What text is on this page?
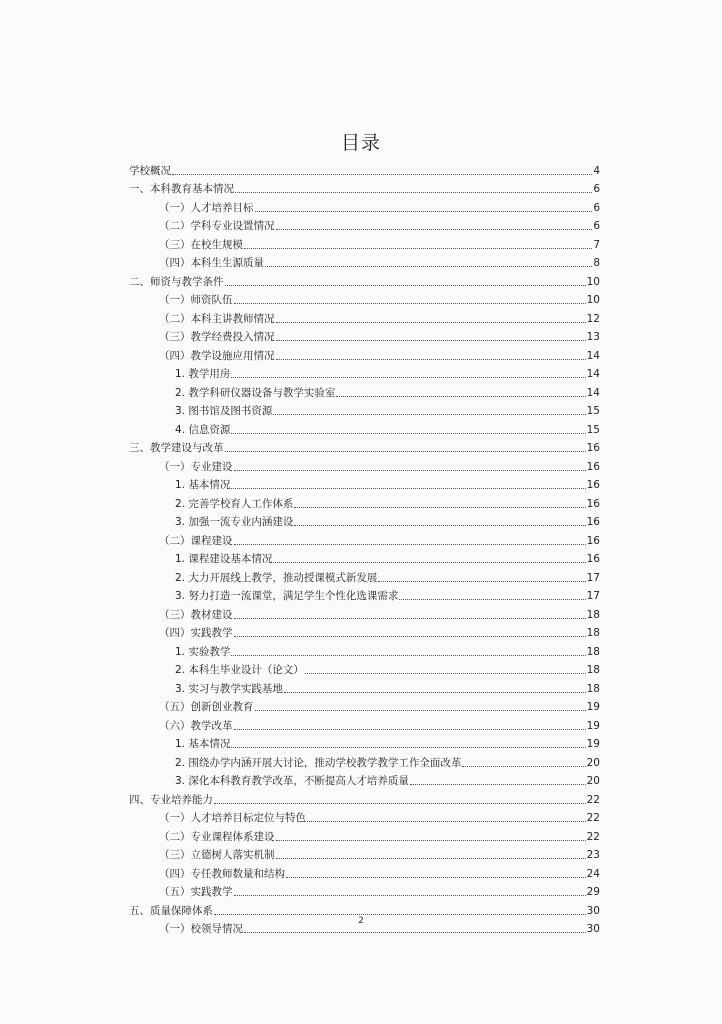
目录
学校概况	4
一、本科教育基本情况	6
（一）人才培养目标	6
（二）学科专业设置情况	6
（三）在校生规模	7
（四）本科生生源质量	8
二、师资与教学条件	10
（一）师资队伍	10
（二）本科主讲教师情况	12
（三）教学经费投入情况	13
（四）教学设施应用情况	14
1. 教学用房	14
2. 教学科研仪器设备与教学实验室	14
3. 图书馆及图书资源	15
4. 信息资源	15
三、教学建设与改革	16
（一）专业建设	16
1. 基本情况	16
2. 完善学校育人工作体系	16
3. 加强一流专业内涵建设	16
（二）课程建设	16
1. 课程建设基本情况	16
2. 大力开展线上教学，推动授课模式新发展	17
3. 努力打造一流课堂，满足学生个性化选课需求	17
（三）教材建设	18
（四）实践教学	18
1. 实验教学	18
2. 本科生毕业设计（论文）	18
3. 实习与教学实践基地	18
（五）创新创业教育	19
（六）教学改革	19
1. 基本情况	19
2. 围绕办学内涵开展大讨论，推动学校教学教学工作全面改革	20
3. 深化本科教育教学改革，不断提高人才培养质量	20
四、专业培养能力	22
（一）人才培养目标定位与特色	22
（二）专业课程体系建设	22
（三）立德树人落实机制	23
（四）专任教师数量和结构	24
（五）实践教学	29
五、质量保障体系	30
（一）校领导情况	30
2
